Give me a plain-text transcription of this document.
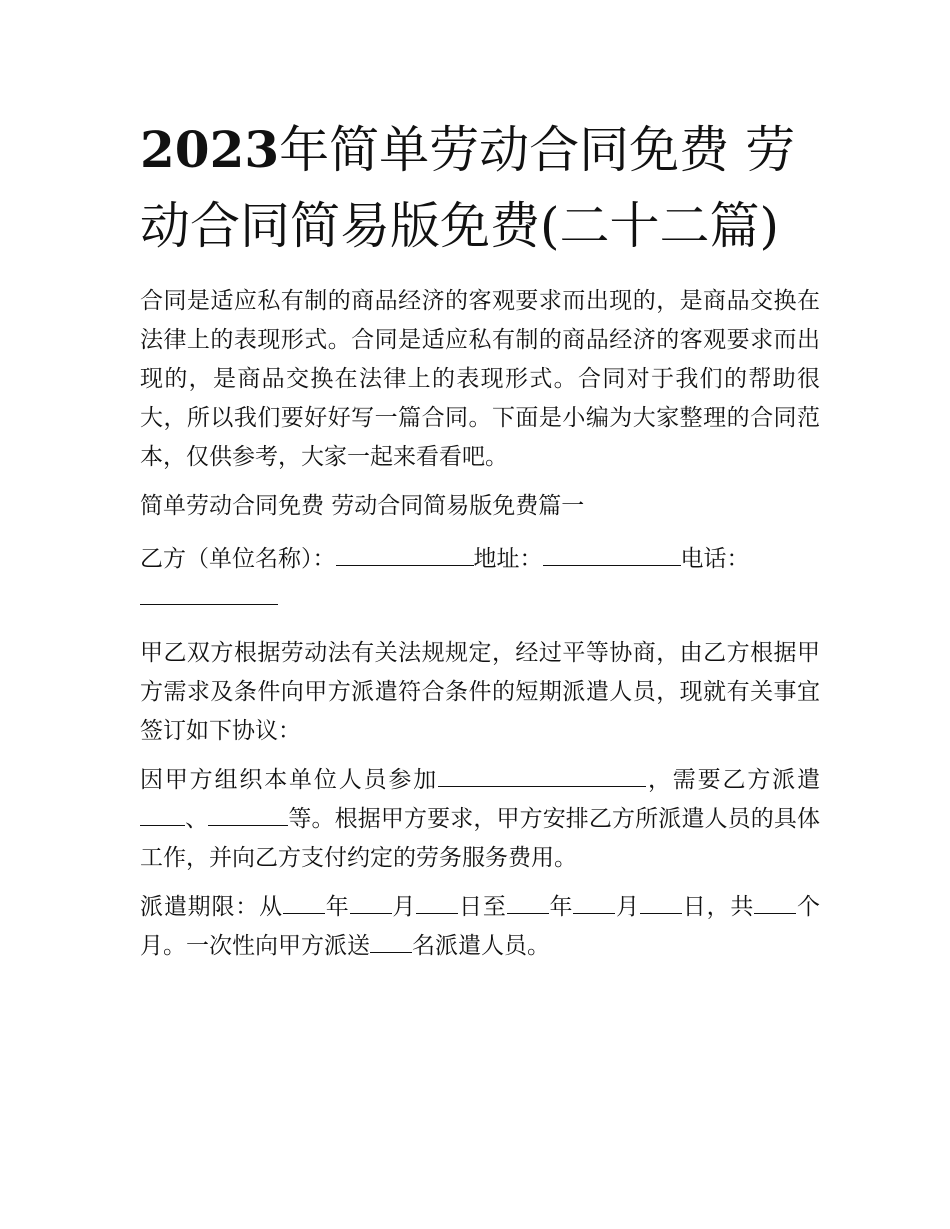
2023年简单劳动合同免费 劳动合同简易版免费(二十二篇)

合同是适应私有制的商品经济的客观要求而出现的，是商品交换在法律上的表现形式。合同是适应私有制的商品经济的客观要求而出现的，是商品交换在法律上的表现形式。合同对于我们的帮助很大，所以我们要好好写一篇合同。下面是小编为大家整理的合同范本，仅供参考，大家一起来看看吧。

简单劳动合同免费 劳动合同简易版免费篇一

乙方（单位名称）：	地址：	电话：

甲乙双方根据劳动法有关法规规定，经过平等协商，由乙方根据甲方需求及条件向甲方派遣符合条件的短期派遣人员，现就有关事宜签订如下协议：

因甲方组织本单位人员参加	，需要乙方派遣、	等。根据甲方要求，甲方安排乙方所派遣人员的具体工作，并向乙方支付约定的劳务服务费用。

派遣期限：从 年 月 日至 年 月 日，共 个月。一次性向甲方派送 名派遣人员。
